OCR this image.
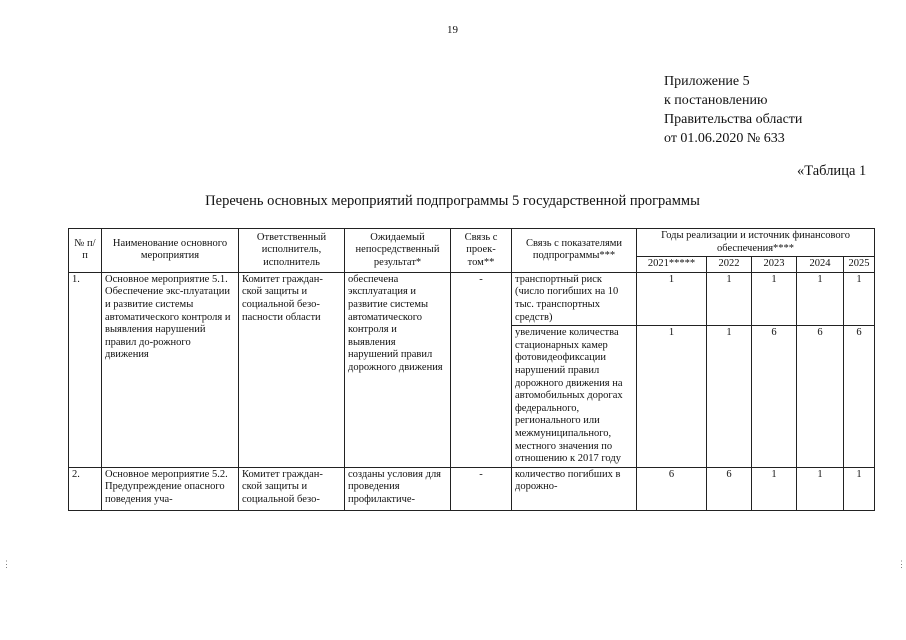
19
Приложение 5
к постановлению
Правительства области
от 01.06.2020 № 633
«Таблица 1
Перечень основных мероприятий подпрограммы 5 государственной программы
⋮	⋮
№ п/п	Наименование основного мероприятия	Ответственный исполнитель, исполнитель	Ожидаемый непосредственный результат*	Связь с проек-том**	Связь с показателями подпрограммы***	Годы реализации и источник финансового обеспечения****				
						2021*****	2022	2023	2024	2025
1.	Основное мероприятие 5.1. Обеспечение экс-плуатации и развитие системы автоматического контроля и выявления нарушений правил до-рожного движения	Комитет граждан-ской защиты и социальной безо-пасности области	обеспечена эксплуатация и развитие системы автоматического контроля и выявления нарушений правил дорожного движения	-	транспортный риск (число погибших на 10 тыс. транспортных средств)	1	1	1	1	1
					увеличение количества стационарных камер фотовидеофиксации нарушений правил дорожного движения на автомобильных дорогах федерального, регионального или межмуниципального, местного значения по отношению к 2017 году	1	1	6	6	6
2.	Основное мероприятие 5.2. Предупреждение опасного поведения уча-	Комитет граждан-ской защиты и социальной безо-	созданы условия для проведения профилактиче-	-	количество погибших в дорожно-	6	6	1	1	1
